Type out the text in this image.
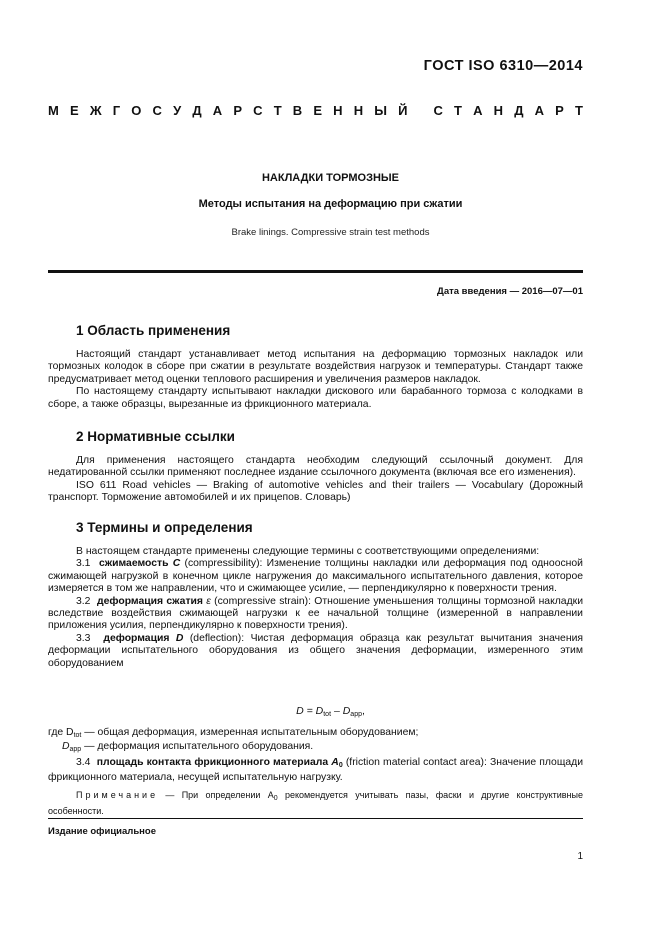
ГОСТ ISO 6310—2014
М Е Ж Г О С У Д А Р С Т В Е Н Н Ы Й
С Т А Н Д А Р Т
НАКЛАДКИ ТОРМОЗНЫЕ
Методы испытания на деформацию при сжатии
Brake linings. Compressive strain test methods
Дата введения — 2016—07—01
1 Область применения

Настоящий стандарт устанавливает метод испытания на деформацию тормозных накладок или тормозных колодок в сборе при сжатии в результате воздействия нагрузок и температуры. Стандарт также предусматривает метод оценки теплового расширения и увеличения размеров накладок.

По настоящему стандарту испытывают накладки дискового или барабанного тормоза с колодками в сборе, а также образцы, вырезанные из фрикционного материала.

2 Нормативные ссылки

Для применения настоящего стандарта необходим следующий ссылочный документ. Для недатированной ссылки применяют последнее издание ссылочного документа (включая все его изменения).

ISO 611 Road vehicles — Braking of automotive vehicles and their trailers — Vocabulary (Дорожный транспорт. Торможение автомобилей и их прицепов. Словарь)

3 Термины и определения

В настоящем стандарте применены следующие термины с соответствующими определениями:

3.1 сжимаемость C (compressibility): Изменение толщины накладки или деформация под одноосной сжимающей нагрузкой в конечном цикле нагружения до максимального испытательного давления, которое измеряется в том же направлении, что и сжимающее усилие, — перпендикулярно к поверхности трения.

3.2 деформация сжатия ε (compressive strain): Отношение уменьшения толщины тормозной накладки вследствие воздействия сжимающей нагрузки к ее начальной толщине (измеренной в направлении приложения усилия, перпендикулярно к поверхности трения).

3.3 деформация D (deflection): Чистая деформация образца как результат вычитания значения деформации испытательного оборудования из общего значения деформации, измеренного этим оборудованием

$D = D_{tot} - D_{app}$,
где $D_{tot}$ — общая деформация, измеренная испытательным оборудованием;
$D_{app}$ — деформация испытательного оборудования.

3.4 площадь контакта фрикционного материала $A_0$ (friction material contact area): Значение площади фрикционного материала, несущей испытательную нагрузку.

Примечание — При определении $A_0$ рекомендуется учитывать пазы, фаски и другие конструктивные особенности.
Издание официальное
1
